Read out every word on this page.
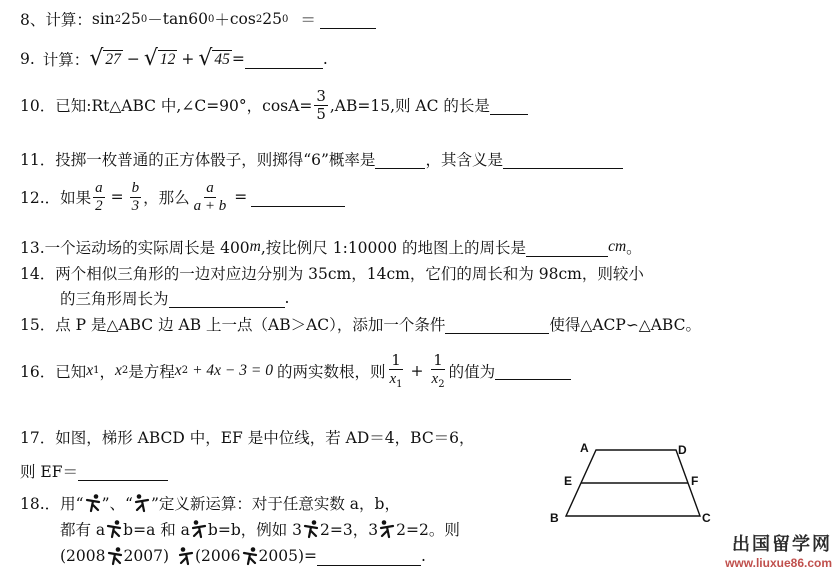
8、 计算： sin 2 25 0 － tan60 0 ＋ cos 2 25 0 ＝
9. 计算： √ 27 − √ 12 + √ 45 =	.
10．已知:Rt△ABC 中,∠C=90°，$\cos A= \frac{3}{5} ,AB=15$,则 AC 的长是
11．投掷一枚普通的正方体骰子，则掷得“6”概率是	，其含义是
12.．如果 $\frac{a}{2} = \frac{b}{3}$ ，那么 $\frac{a}{a + b}$ =
13.一个运动场的实际周长是 400 m ,按比例尺 1:10000 的地图上的周长是	cm 。
14．两个相似三角形的一边对应边分别为 35cm，14cm，它们的周长和为 98cm，则较小
的三角形周长为	.
15．点 P 是△ABC 边 AB 上一点（AB＞AC），添加一个条件	使得△ACP∽△ABC。
16．已知 x 1 ， x 2 是方程 x 2 + 4x − 3 = 0 的两实数根，则 $\frac{1}{x_1} + \frac{1}{x_2}$ 的值为
17．如图，梯形 ABCD 中，EF 是中位线，若 AD＝4，BC＝6，
则 EF＝
18.．用“ ”、“ ”定义新运算：对于任意实数 a，b，
都有 a b=a 和 a b=b，例如 3 2=3，3 2=2。则
(2008 2007) (2006 2005)=	.
A	D
E	F
B	C
出国留学网
www.liuxue86.com
